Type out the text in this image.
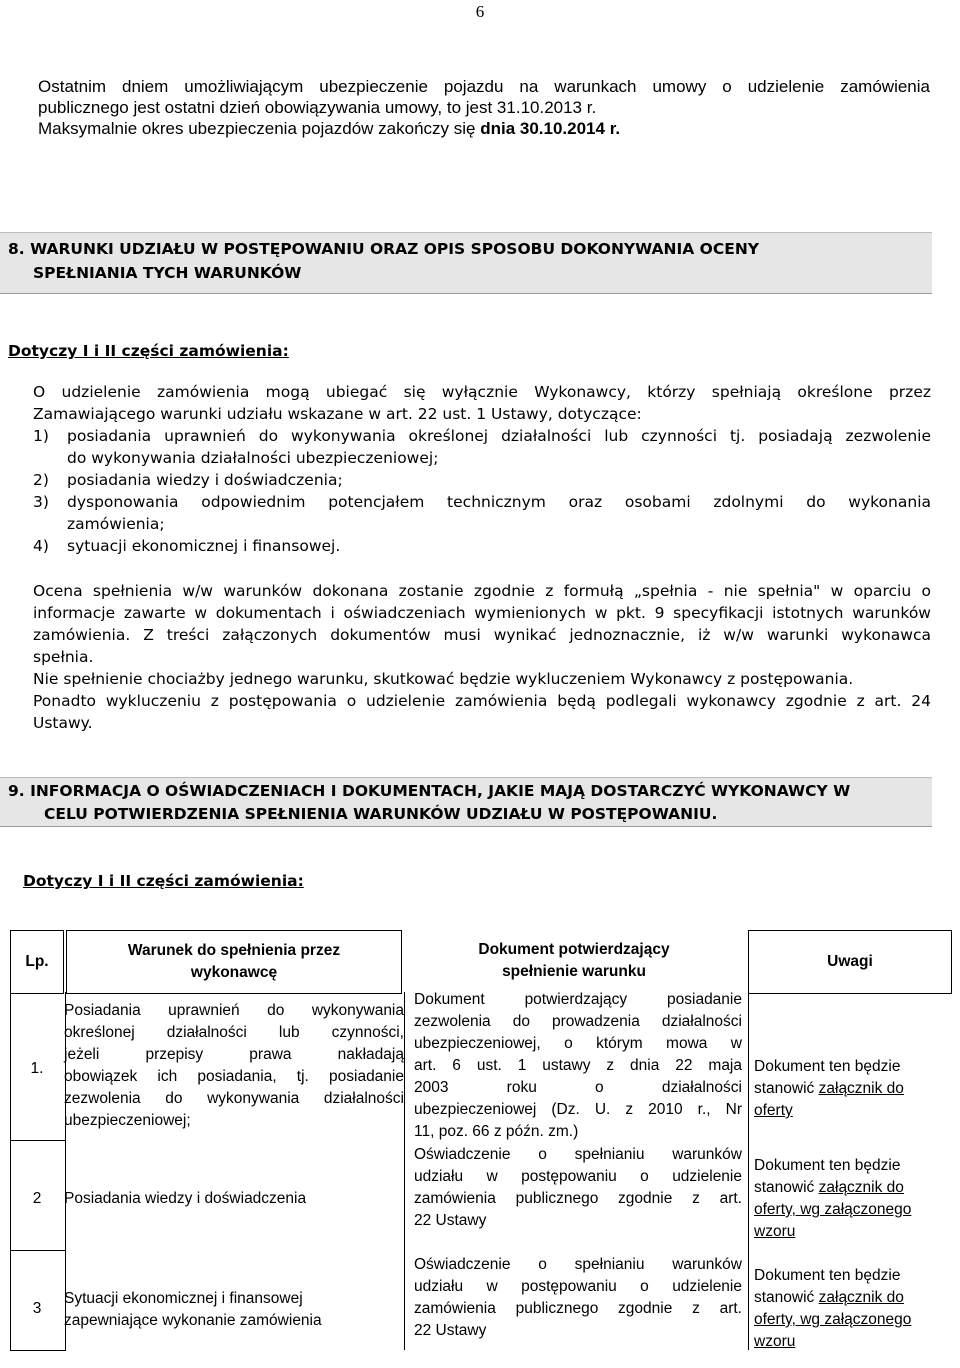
6

Ostatnim dniem umożliwiającym ubezpieczenie pojazdu na warunkach umowy o udzielenie zamówienia

publicznego jest ostatni dzień obowiązywania umowy, to jest 31.10.2013 r.

Maksymalnie okres ubezpieczenia pojazdów zakończy się dnia 30.10.2014 r.

8. WARUNKI UDZIAŁU W POSTĘPOWANIU ORAZ OPIS SPOSOBU DOKONYWANIA OCENY
SPEŁNIANIA TYCH WARUNKÓW
Dotyczy I i II części zamówienia:

O udzielenie zamówienia mogą ubiegać się wyłącznie Wykonawcy, którzy spełniają określone przez

Zamawiającego warunki udziału wskazane w art. 22 ust. 1 Ustawy, dotyczące:

1) posiadania uprawnień do wykonywania określonej działalności lub czynności tj. posiadają zezwolenie

do wykonywania działalności ubezpieczeniowej;

2) posiadania wiedzy i doświadczenia;

3) dysponowania odpowiednim potencjałem technicznym oraz osobami zdolnymi do wykonania

zamówienia;

4) sytuacji ekonomicznej i finansowej.

Ocena spełnienia w/w warunków dokonana zostanie zgodnie z formułą „spełnia - nie spełnia" w oparciu o

informacje zawarte w dokumentach i oświadczeniach wymienionych w pkt. 9 specyfikacji istotnych warunków

zamówienia. Z treści załączonych dokumentów musi wynikać jednoznacznie, iż w/w warunki wykonawca

spełnia.

Nie spełnienie chociażby jednego warunku, skutkować będzie wykluczeniem Wykonawcy z postępowania.

Ponadto wykluczeniu z postępowania o udzielenie zamówienia będą podlegali wykonawcy zgodnie z art. 24

Ustawy.

9. INFORMACJA O OŚWIADCZENIACH I DOKUMENTACH, JAKIE MAJĄ DOSTARCZYĆ WYKONAWCY W
CELU POTWIERDZENIA SPEŁNIENIA WARUNKÓW UDZIAŁU W POSTĘPOWANIU.
Dotyczy I i II części zamówienia:
Lp.
Warunek do spełnienia przez
wykonawcę
Dokument potwierdzający
spełnienie warunku
Uwagi
1.
Posiadania uprawnień do wykonywania
określonej działalności lub czynności,
jeżeli przepisy prawa nakładają
obowiązek ich posiadania, tj. posiadanie
zezwolenia do wykonywania działalności
ubezpieczeniowej;
Dokument potwierdzający posiadanie
zezwolenia do prowadzenia działalności
ubezpieczeniowej, o którym mowa w
art. 6 ust. 1 ustawy z dnia 22 maja
2003 roku o działalności
ubezpieczeniowej (Dz. U. z 2010 r., Nr
11, poz. 66 z późn. zm.)
Dokument ten będzie
stanowić załącznik do
oferty
2	Posiadania wiedzy i doświadczenia
Oświadczenie o spełnianiu warunków
udziału w postępowaniu o udzielenie
zamówienia publicznego zgodnie z art.
22 Ustawy
Dokument ten będzie
stanowić załącznik do
oferty, wg załączonego
wzoru
3
Sytuacji ekonomicznej i finansowej
zapewniające wykonanie zamówienia
Oświadczenie o spełnianiu warunków
udziału w postępowaniu o udzielenie
zamówienia publicznego zgodnie z art.
22 Ustawy
Dokument ten będzie
stanowić załącznik do
oferty, wg załączonego
wzoru
